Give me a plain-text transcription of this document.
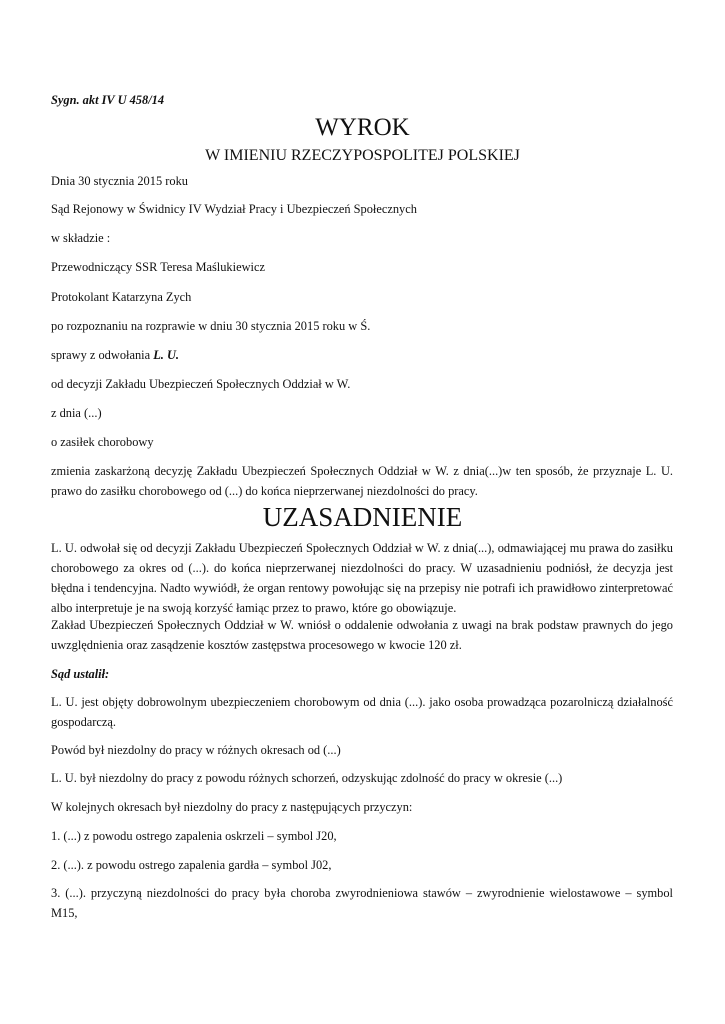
Sygn. akt IV U 458/14
WYROK
W IMIENIU RZECZYPOSPOLITEJ POLSKIEJ
Dnia 30 stycznia 2015 roku
Sąd Rejonowy w Świdnicy IV Wydział Pracy i Ubezpieczeń Społecznych
w składzie :
Przewodniczący SSR Teresa Maślukiewicz
Protokolant Katarzyna Zych
po rozpoznaniu na rozprawie w dniu 30 stycznia 2015 roku w Ś.
sprawy z odwołania L. U.
od decyzji Zakładu Ubezpieczeń Społecznych Oddział w W.
z dnia (...)
o zasiłek chorobowy
zmienia zaskarżoną decyzję Zakładu Ubezpieczeń Społecznych Oddział w W. z dnia(...)w ten sposób, że przyznaje L. U. prawo do zasiłku chorobowego od (...) do końca nieprzerwanej niezdolności do pracy.
UZASADNIENIE
L. U. odwołał się od decyzji Zakładu Ubezpieczeń Społecznych Oddział w W. z dnia(...), odmawiającej mu prawa do zasiłku chorobowego za okres od (...). do końca nieprzerwanej niezdolności do pracy. W uzasadnieniu podniósł, że decyzja jest błędna i tendencyjna. Nadto wywiódł, że organ rentowy powołując się na przepisy nie potrafi ich prawidłowo zinterpretować albo interpretuje je na swoją korzyść łamiąc przez to prawo, które go obowiązuje.
Zakład Ubezpieczeń Społecznych Oddział w W. wniósł o oddalenie odwołania z uwagi na brak podstaw prawnych do jego uwzględnienia oraz zasądzenie kosztów zastępstwa procesowego w kwocie 120 zł.
Sąd ustalił:
L. U. jest objęty dobrowolnym ubezpieczeniem chorobowym od dnia (...). jako osoba prowadząca pozarolniczą działalność gospodarczą.
Powód był niezdolny do pracy w różnych okresach od (...)
L. U. był niezdolny do pracy z powodu różnych schorzeń, odzyskując zdolność do pracy w okresie (...)
W kolejnych okresach był niezdolny do pracy z następujących przyczyn:
1. (...) z powodu ostrego zapalenia oskrzeli – symbol J20,
2. (...). z powodu ostrego zapalenia gardła – symbol J02,
3. (...). przyczyną niezdolności do pracy była choroba zwyrodnieniowa stawów – zwyrodnienie wielostawowe – symbol M15,
